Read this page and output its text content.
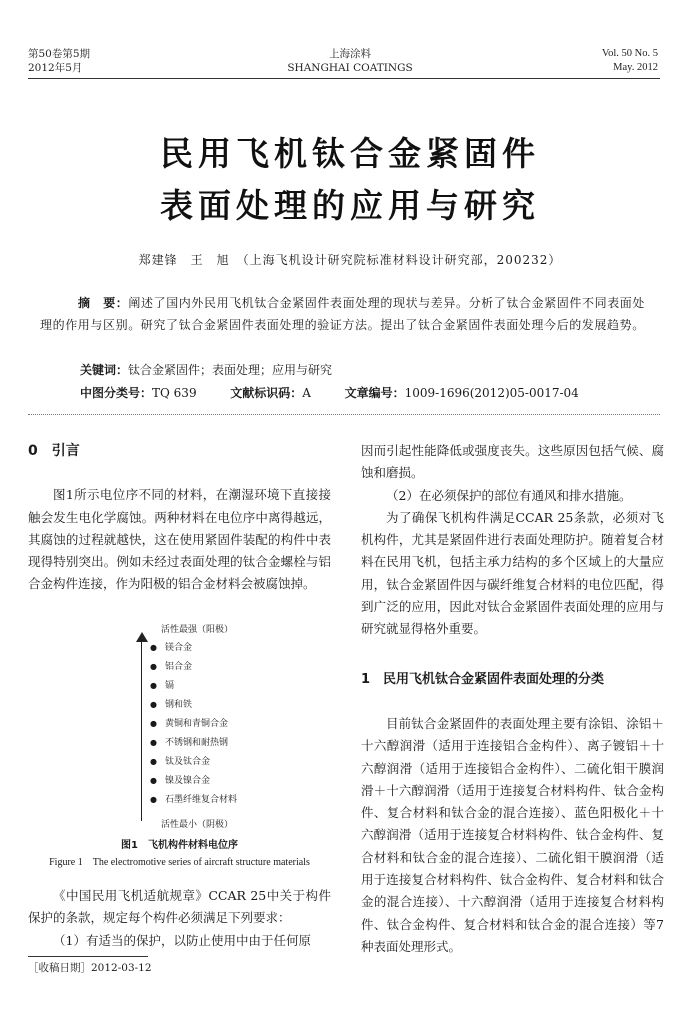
第50卷第5期
2012年5月
上海涂料
SHANGHAI COATINGS
Vol. 50 No. 5
May. 2012
民用飞机钛合金紧固件
表面处理的应用与研究
郑建锋　王　旭　（上海飞机设计研究院标准材料设计研究部，200232）
摘　要：阐述了国内外民用飞机钛合金紧固件表面处理的现状与差异。分析了钛合金紧固件不同表面处理的作用与区别。研究了钛合金紧固件表面处理的验证方法。提出了钛合金紧固件表面处理今后的发展趋势。
关键词：钛合金紧固件；表面处理；应用与研究
中图分类号：TQ 639	文献标识码：A	文章编号：1009-1696(2012)05-0017-04
0　引言

图1所示电位序不同的材料，在潮湿环境下直接接触会发生电化学腐蚀。两种材料在电位序中离得越远，其腐蚀的过程就越快，这在使用紧固件装配的构件中表现得特别突出。例如未经过表面处理的钛合金螺栓与铝合金构件连接，作为阳极的铝合金材料会被腐蚀掉。

活性最强（阳极）
● 镁合金
● 铝合金
● 镉
● 钢和铁
● 黄铜和青铜合金
● 不锈钢和耐热钢
● 钛及钛合金
● 镍及镍合金
● 石墨纤维复合材料
活性最小（阴极）
图1　飞机构件材料电位序
Figure 1　The electromotive series of aircraft structure materials

《中国民用飞机适航规章》CCAR 25中关于构件保护的条款，规定每个构件必须满足下列要求：

（1）有适当的保护，以防止使用中由于任何原

因而引起性能降低或强度丧失。这些原因包括气候、腐蚀和磨损。

（2）在必须保护的部位有通风和排水措施。

为了确保飞机构件满足CCAR 25条款，必须对飞机构件，尤其是紧固件进行表面处理防护。随着复合材料在民用飞机，包括主承力结构的多个区域上的大量应用，钛合金紧固件因与碳纤维复合材料的电位匹配，得到广泛的应用，因此对钛合金紧固件表面处理的应用与研究就显得格外重要。

1　民用飞机钛合金紧固件表面处理的分类

目前钛合金紧固件的表面处理主要有涂铝、涂铝＋十六醇润滑（适用于连接铝合金构件）、离子镀铝＋十六醇润滑（适用于连接铝合金构件）、二硫化钼干膜润滑＋十六醇润滑（适用于连接复合材料构件、钛合金构件、复合材料和钛合金的混合连接）、蓝色阳极化＋十六醇润滑（适用于连接复合材料构件、钛合金构件、复合材料和钛合金的混合连接）、二硫化钼干膜润滑（适用于连接复合材料构件、钛合金构件、复合材料和钛合金的混合连接）、十六醇润滑（适用于连接复合材料构件、钛合金构件、复合材料和钛合金的混合连接）等7种表面处理形式。

［收稿日期］2012-03-12
